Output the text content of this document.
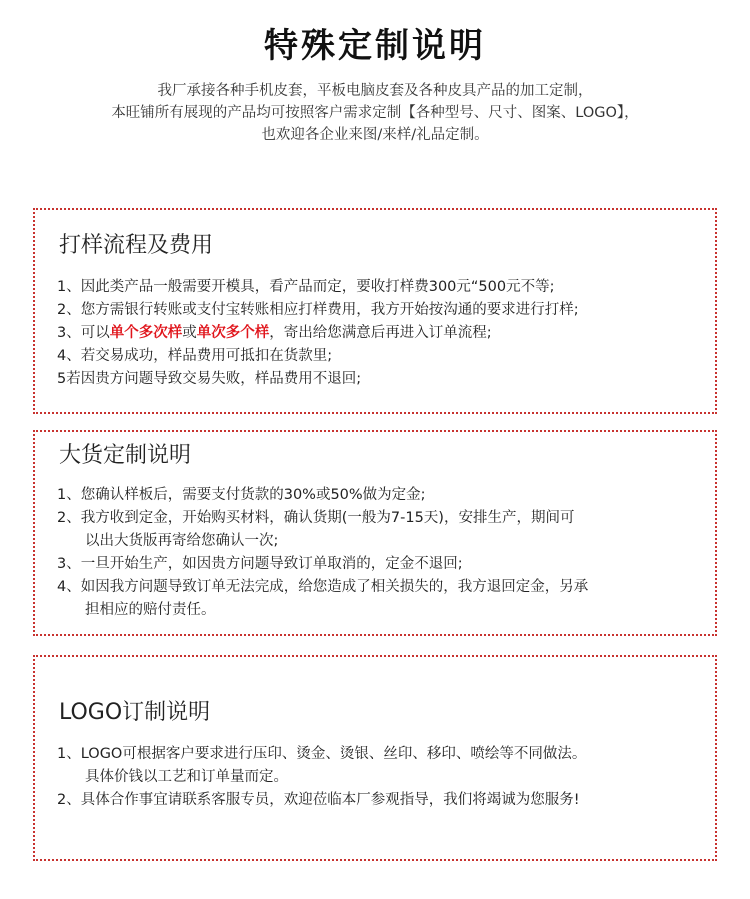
特殊定制说明
我厂承接各种手机皮套，平板电脑皮套及各种皮具产品的加工定制，
本旺铺所有展现的产品均可按照客户需求定制【各种型号、尺寸、图案、LOGO】，
也欢迎各企业来图/来样/礼品定制。
打样流程及费用
1、因此类产品一般需要开模具，看产品而定，要收打样费300元“500元不等;
2、您方需银行转账或支付宝转账相应打样费用，我方开始按沟通的要求进行打样;
3、可以单个多次样或单次多个样，寄出给您满意后再进入订单流程;
4、若交易成功，样品费用可抵扣在货款里;
5若因贵方问题导致交易失败，样品费用不退回;
大货定制说明
1、您确认样板后，需要支付货款的30%或50%做为定金;
2、我方收到定金，开始购买材料，确认货期(一般为7-15天)，安排生产，期间可
以出大货版再寄给您确认一次;
3、一旦开始生产，如因贵方问题导致订单取消的，定金不退回;
4、如因我方问题导致订单无法完成，给您造成了相关损失的，我方退回定金，另承
担相应的赔付责任。
LOGO订制说明
1、LOGO可根据客户要求进行压印、烫金、烫银、丝印、移印、喷绘等不同做法。
具体价钱以工艺和订单量而定。
2、具体合作事宜请联系客服专员，欢迎莅临本厂参观指导，我们将竭诚为您服务!
